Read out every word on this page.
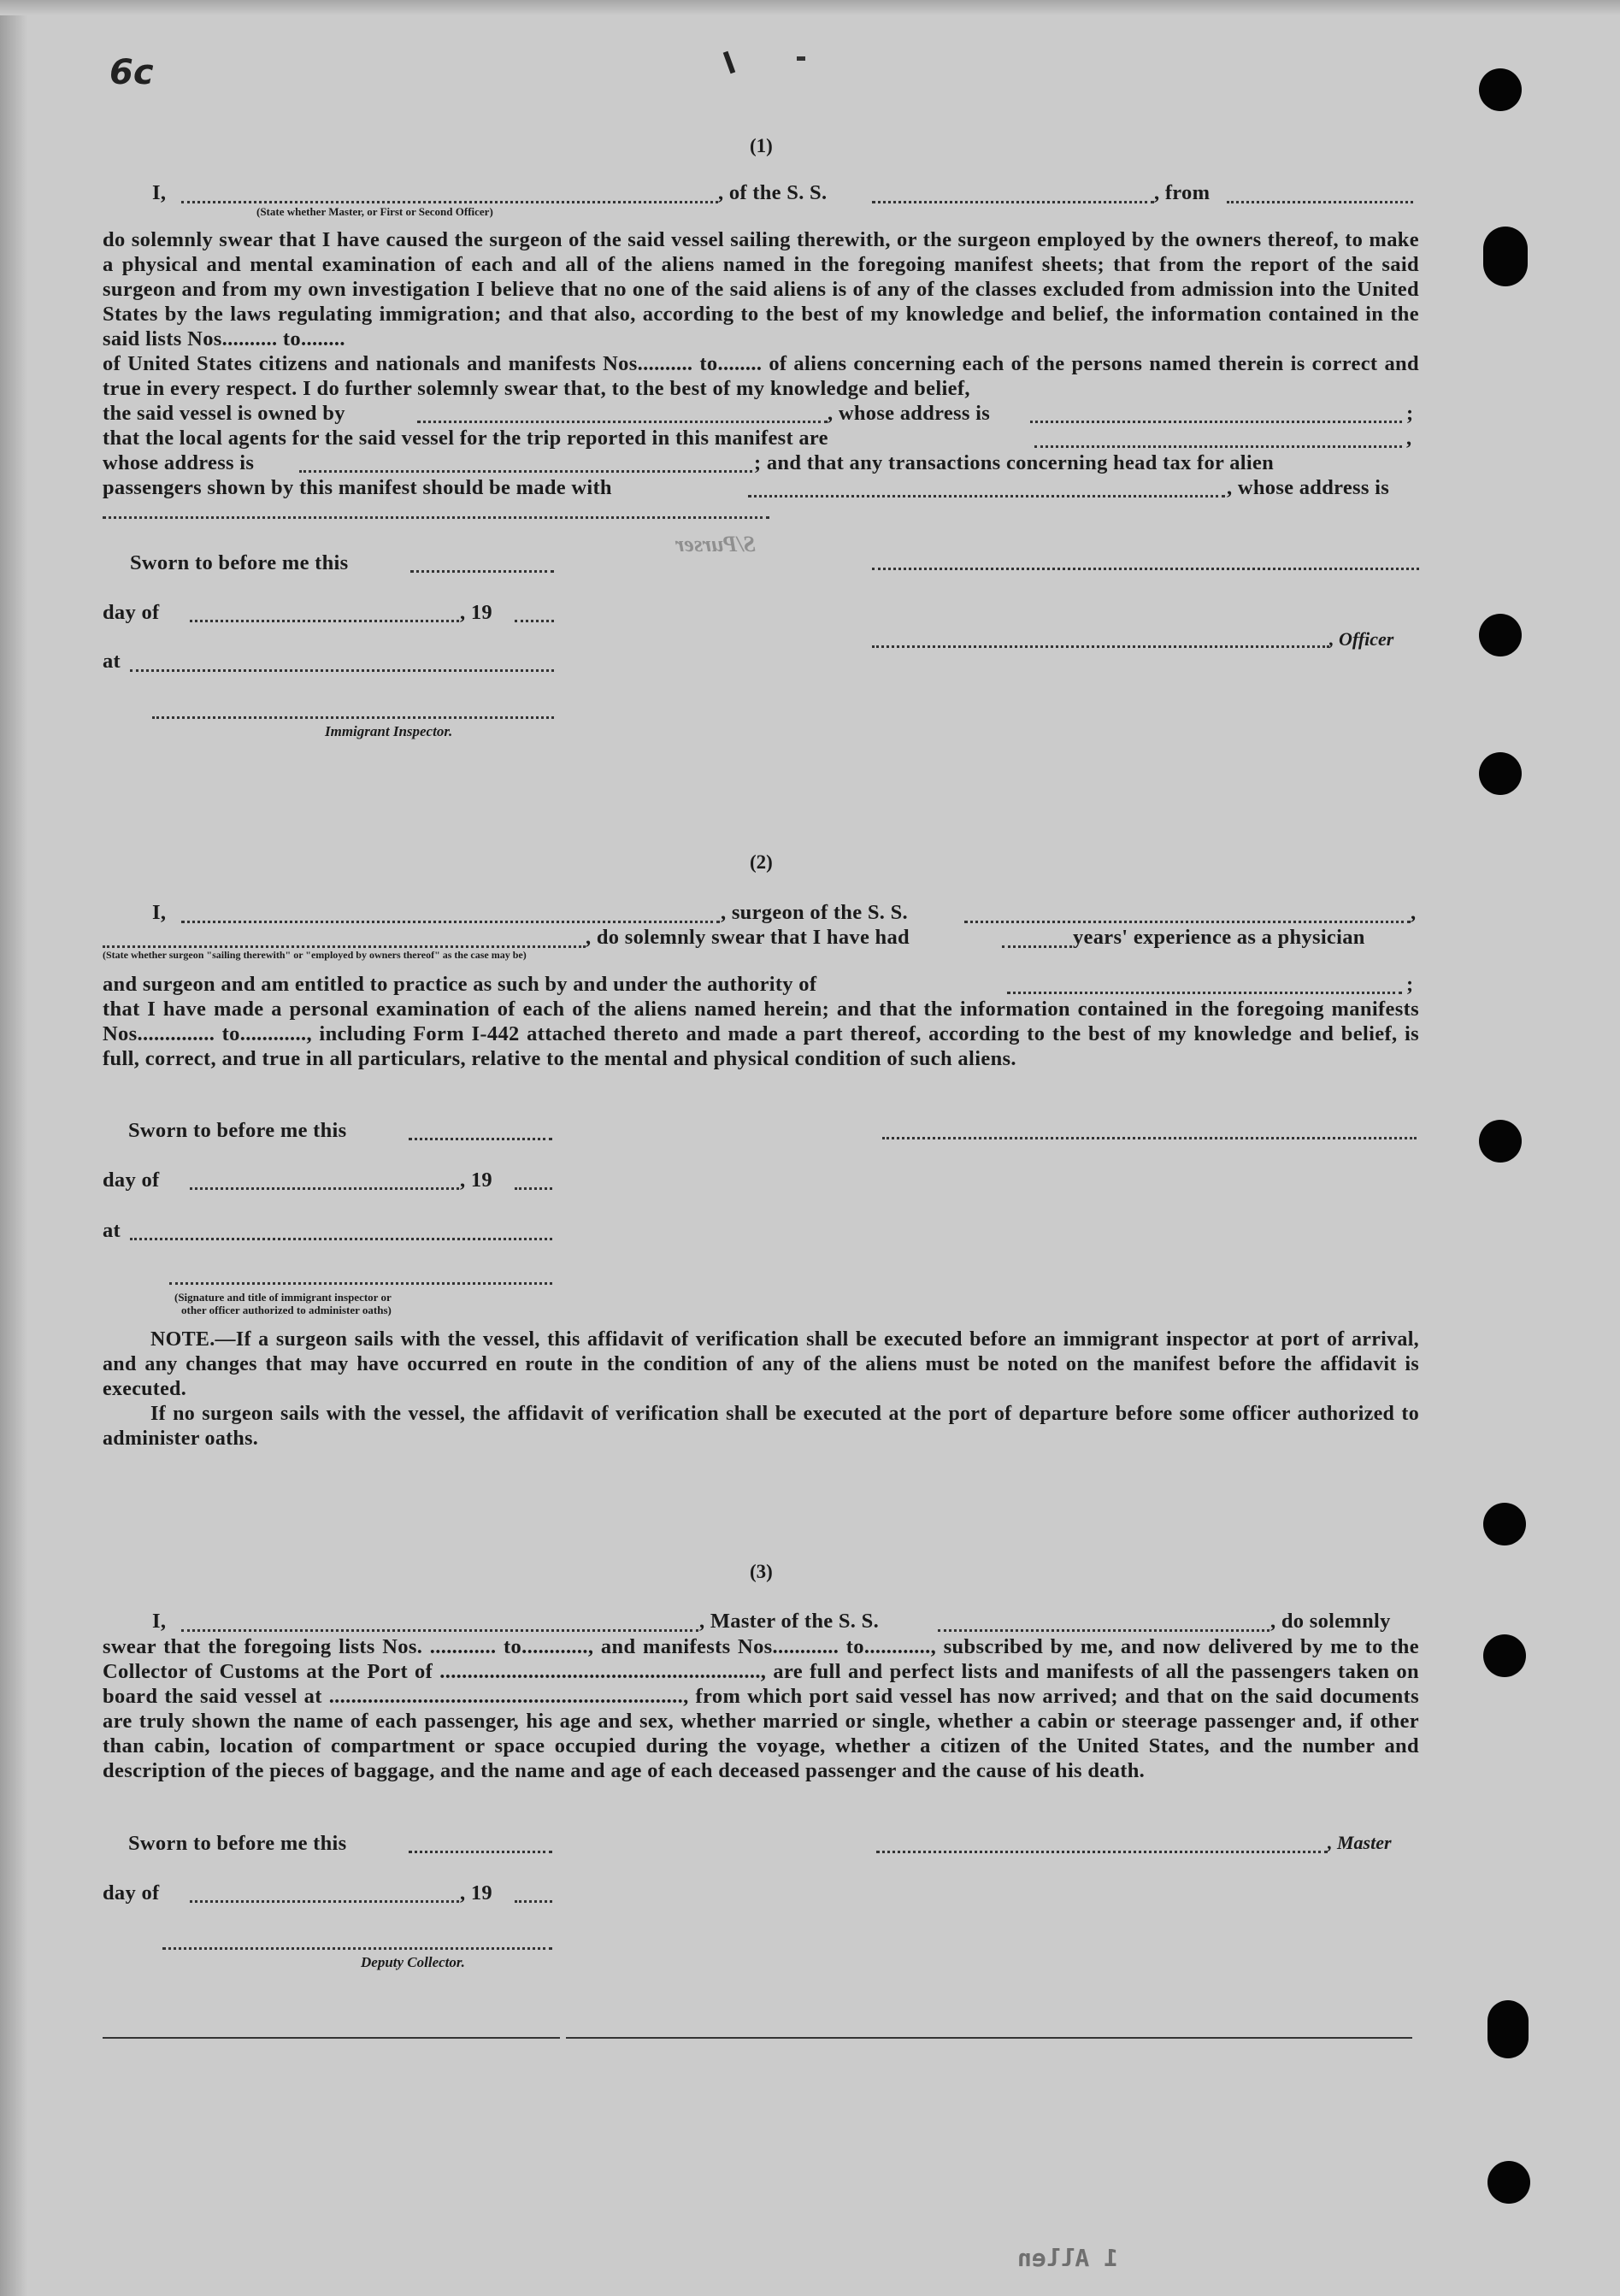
6c
(1)
I,	, of the S. S.	, from
(State whether Master, or First or Second Officer)
do solemnly swear that I have caused the surgeon of the said vessel sailing therewith, or the surgeon employed by the owners thereof, to make a physical and mental examination of each and all of the aliens named in the foregoing manifest sheets; that from the report of the said surgeon and from my own investigation I believe that no one of the said aliens is of any of the classes excluded from admission into the United States by the laws regulating immigration; and that also, according to the best of my knowledge and belief, the information contained in the said lists Nos.......... to........
of United States citizens and nationals and manifests Nos.......... to........ of aliens concerning each of the persons named therein is correct and true in every respect. I do further solemnly swear that, to the best of my knowledge and belief,
the said vessel is owned by	, whose address is	;
that the local agents for the said vessel for the trip reported in this manifest are	,
whose address is	; and that any transactions concerning head tax for alien
passengers shown by this manifest should be made with	, whose address is
Sworn to before me this
S/Purser
day of	, 19
, Officer
at
Immigrant Inspector.
(2)
I,	, surgeon of the S. S.	,
, do solemnly swear that I have had	years' experience as a physician
(State whether surgeon "sailing therewith" or "employed by owners thereof" as the case may be)
and surgeon and am entitled to practice as such by and under the authority of	;
that I have made a personal examination of each of the aliens named herein; and that the information contained in the foregoing manifests Nos.............. to............, including Form I-442 attached thereto and made a part thereof, according to the best of my knowledge and belief, is full, correct, and true in all particulars, relative to the mental and physical condition of such aliens.
Sworn to before me this
day of	, 19
at
(Signature and title of immigrant inspector or
other officer authorized to administer oaths)
NOTE.—If a surgeon sails with the vessel, this affidavit of verification shall be executed before an immigrant inspector at port of arrival, and any changes that may have occurred en route in the condition of any of the aliens must be noted on the manifest before the affidavit is executed.
If no surgeon sails with the vessel, the affidavit of verification shall be executed at the port of departure before some officer authorized to administer oaths.
(3)
I,	, Master of the S. S.	, do solemnly
swear that the foregoing lists Nos. ............ to............, and manifests Nos............ to............, subscribed by me, and now delivered by me to the Collector of Customs at the Port of .........................................................., are full and perfect lists and manifests of all the passengers taken on board the said vessel at ................................................................, from which port said vessel has now arrived; and that on the said documents are truly shown the name of each passenger, his age and sex, whether married or single, whether a cabin or steerage passenger and, if other than cabin, location of compartment or space occupied during the voyage, whether a citizen of the United States, and the number and description of the pieces of baggage, and the name and age of each deceased passenger and the cause of his death.
Sworn to before me this	, Master
day of	, 19
Deputy Collector.
1 Allen
